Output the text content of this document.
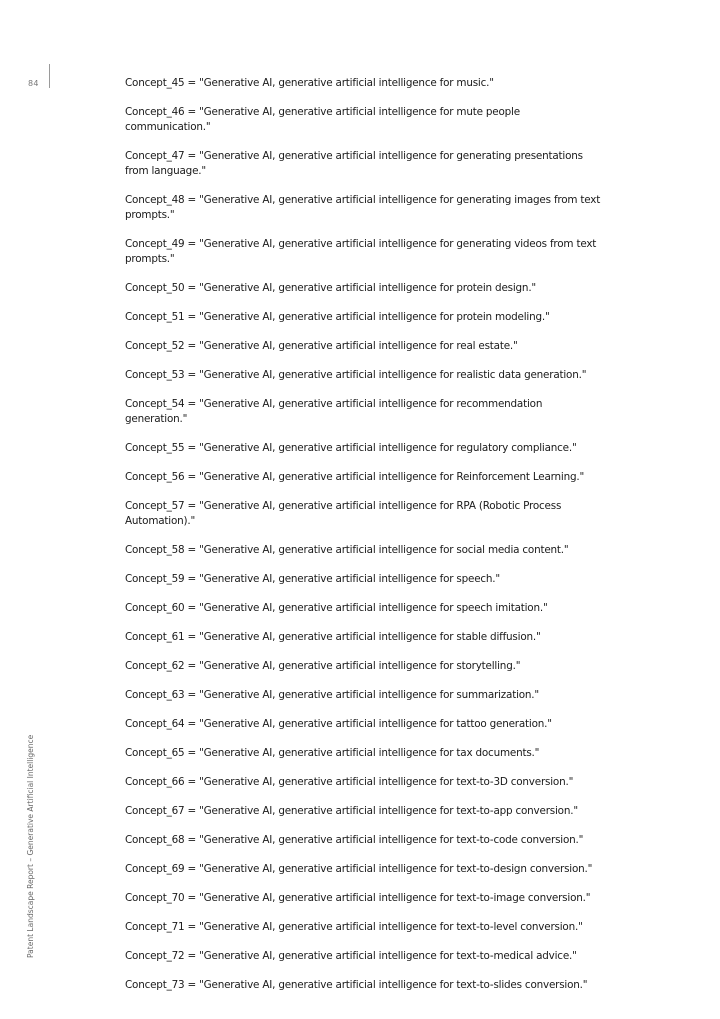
84
Patent Landscape Report – Generative Artificial Intelligence
Concept_45 = "Generative AI, generative artificial intelligence for music."
Concept_46 = "Generative AI, generative artificial intelligence for mute people communication."
Concept_47 = "Generative AI, generative artificial intelligence for generating presentations from language."
Concept_48 = "Generative AI, generative artificial intelligence for generating images from text prompts."
Concept_49 = "Generative AI, generative artificial intelligence for generating videos from text prompts."
Concept_50 = "Generative AI, generative artificial intelligence for protein design."
Concept_51 = "Generative AI, generative artificial intelligence for protein modeling."
Concept_52 = "Generative AI, generative artificial intelligence for real estate."
Concept_53 = "Generative AI, generative artificial intelligence for realistic data generation."
Concept_54 = "Generative AI, generative artificial intelligence for recommendation generation."
Concept_55 = "Generative AI, generative artificial intelligence for regulatory compliance."
Concept_56 = "Generative AI, generative artificial intelligence for Reinforcement Learning."
Concept_57 = "Generative AI, generative artificial intelligence for RPA (Robotic Process Automation)."
Concept_58 = "Generative AI, generative artificial intelligence for social media content."
Concept_59 = "Generative AI, generative artificial intelligence for speech."
Concept_60 = "Generative AI, generative artificial intelligence for speech imitation."
Concept_61 = "Generative AI, generative artificial intelligence for stable diffusion."
Concept_62 = "Generative AI, generative artificial intelligence for storytelling."
Concept_63 = "Generative AI, generative artificial intelligence for summarization."
Concept_64 = "Generative AI, generative artificial intelligence for tattoo generation."
Concept_65 = "Generative AI, generative artificial intelligence for tax documents."
Concept_66 = "Generative AI, generative artificial intelligence for text-to-3D conversion."
Concept_67 = "Generative AI, generative artificial intelligence for text-to-app conversion."
Concept_68 = "Generative AI, generative artificial intelligence for text-to-code conversion."
Concept_69 = "Generative AI, generative artificial intelligence for text-to-design conversion."
Concept_70 = "Generative AI, generative artificial intelligence for text-to-image conversion."
Concept_71 = "Generative AI, generative artificial intelligence for text-to-level conversion."
Concept_72 = "Generative AI, generative artificial intelligence for text-to-medical advice."
Concept_73 = "Generative AI, generative artificial intelligence for text-to-slides conversion."
